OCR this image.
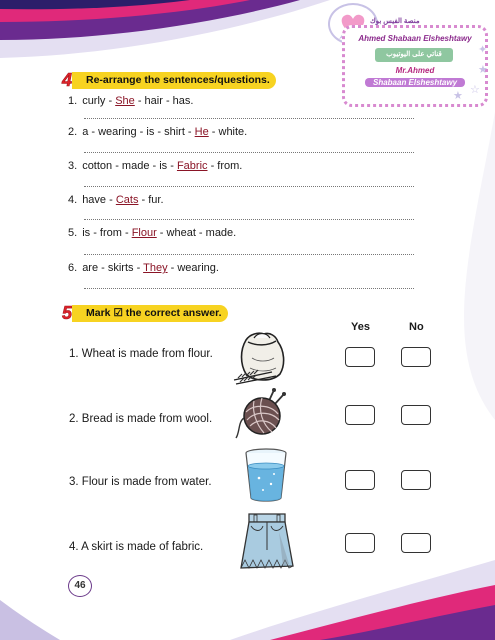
منصة الفيس بوك
Ahmed Shabaan Elsheshtawy
قناتي على اليوتيوب
Mr.Ahmed
Shabaan Elsheshtawy
★
★ ☆
✦
4	Re-arrange the sentences/questions.
1. curly - She - hair - has.
2. a - wearing - is - shirt - He - white.
3. cotton - made - is - Fabric - from.
4. have - Cats - fur.
5. is - from - Flour - wheat - made.
6. are - skirts - They - wearing.
5	Mark ☑ the correct answer.
Yes	No
1. Wheat is made from flour.
2. Bread is made from wool.
3. Flour is made from water.
4. A skirt is made of fabric.
46
